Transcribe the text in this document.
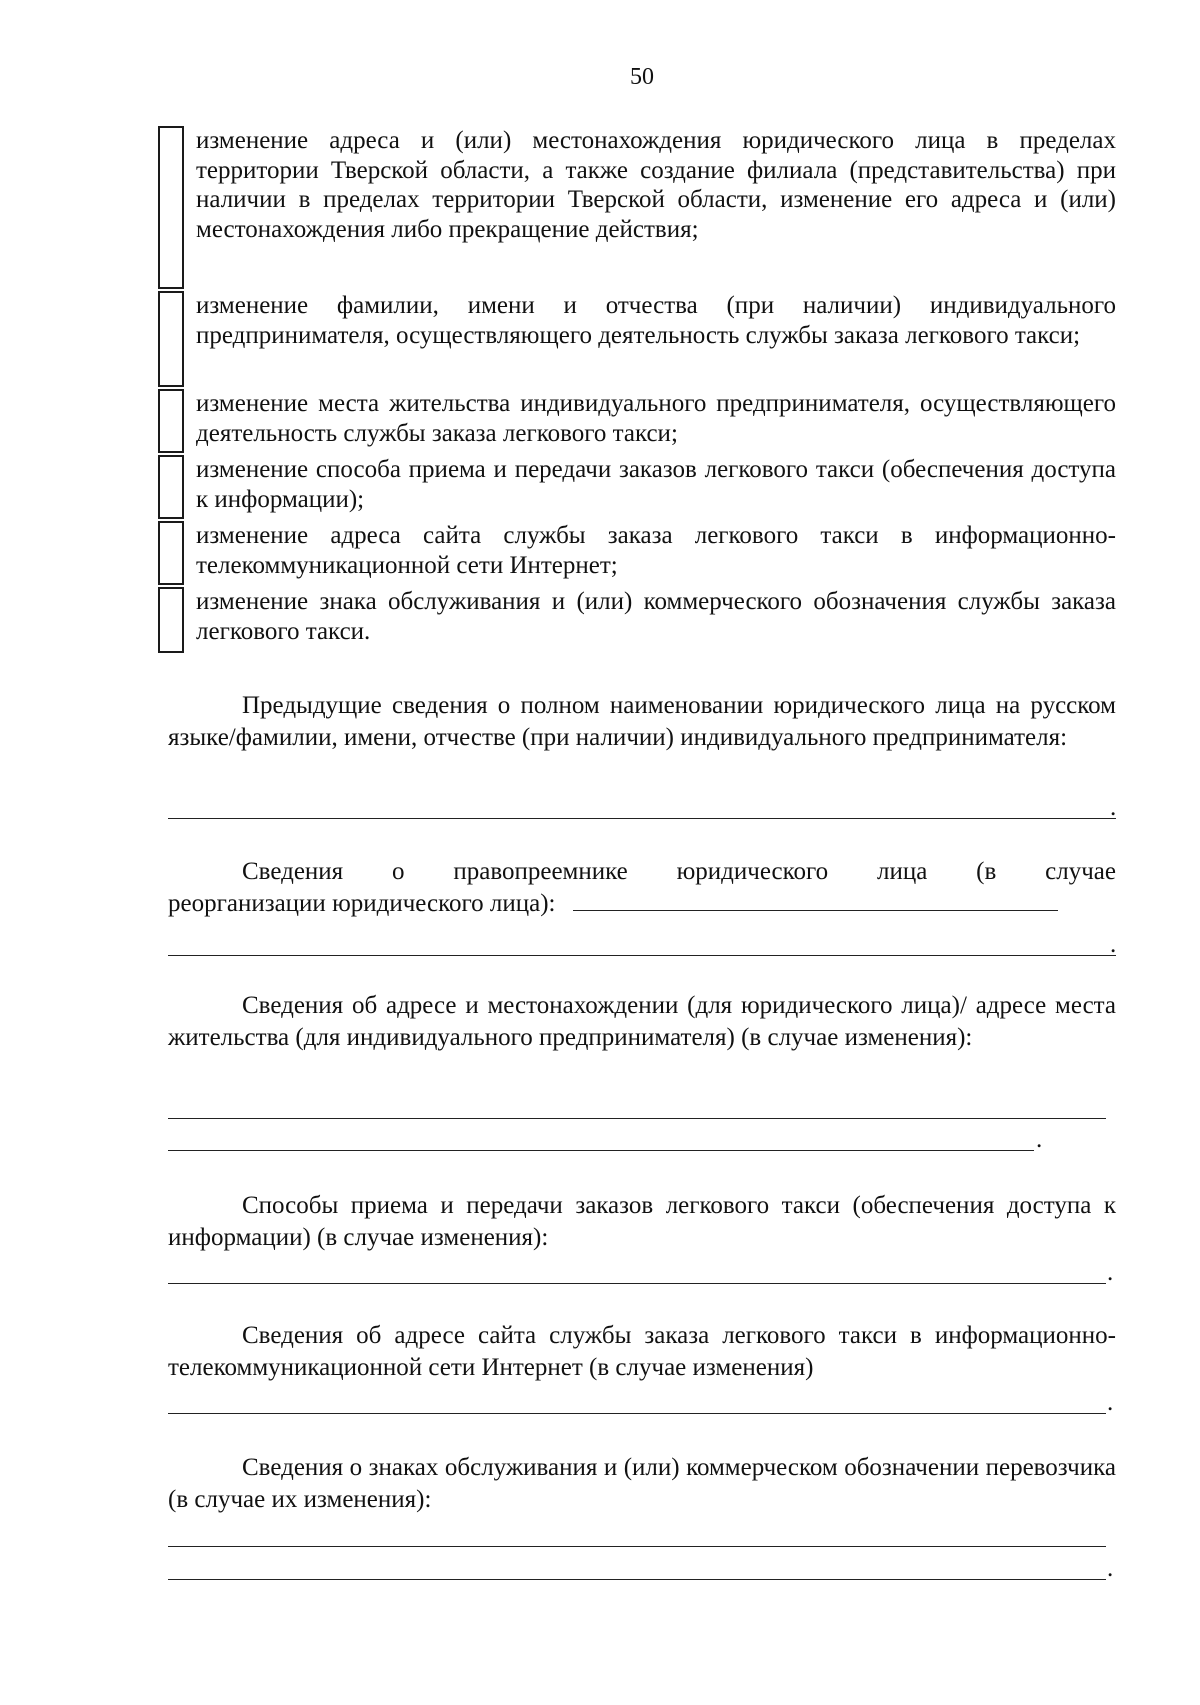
50
изменение адреса и (или) местонахождения юридического лица в пределах территории Тверской области, а также создание филиала (представительства) при наличии в пределах территории Тверской области, изменение его адреса и (или) местонахождения либо прекращение действия;
изменение фамилии, имени и отчества (при наличии) индивидуального предпринимателя, осуществляющего деятельность службы заказа легкового такси;
изменение места жительства индивидуального предпринимателя, осуществляющего деятельность службы заказа легкового такси;
изменение способа приема и передачи заказов легкового такси (обеспечения доступа к информации);
изменение адреса сайта службы заказа легкового такси в информационно-телекоммуникационной сети Интернет;
изменение знака обслуживания и (или) коммерческого обозначения службы заказа легкового такси.
Предыдущие сведения о полном наименовании юридического лица на русском языке/фамилии, имени, отчестве (при наличии) индивидуального предпринимателя:
.
Сведения о правопреемнике юридического лица (в случае
реорганизации юридического лица):
.
Сведения об адресе и местонахождении (для юридического лица)/ адресе места жительства (для индивидуального предпринимателя) (в случае изменения):
.
Способы приема и передачи заказов легкового такси (обеспечения доступа к информации) (в случае изменения):
.
Сведения об адресе сайта службы заказа легкового такси в информационно-телекоммуникационной сети Интернет (в случае изменения)
.
Сведения о знаках обслуживания и (или) коммерческом обозначении перевозчика (в случае их изменения):
.
